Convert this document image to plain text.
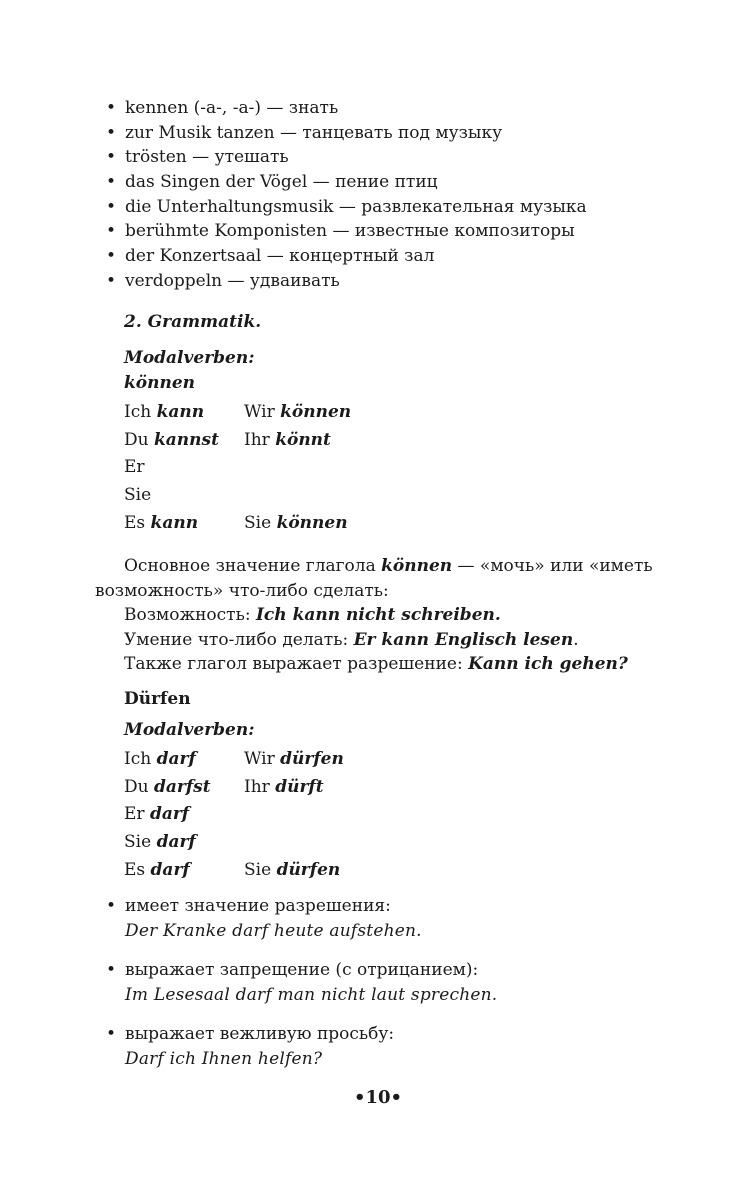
• kennen (-a-, -a-) — знать
• zur Musik tanzen — танцевать под музыку
• trösten — утешать
• das Singen der Vögel — пение птиц
• die Unterhaltungsmusik — развлекательная музыка
• berühmte Komponisten — известные композиторы
• der Konzertsaal — концертный зал
• verdoppeln — удваивать
2. Grammatik.
Modalverben:
können
Ich kann Wir können
Du kannst Ihr könnt
Er
Sie
Es kann	Sie können
Основное значение глагола können — «мочь» или «иметь
возможность» что-либо сделать:
Возможность: Ich kann nicht schreiben.
Умение что-либо делать: Er kann Englisch lesen.
Также глагол выражает разрешение: Kann ich gehen?
Dürfen
Modalverben:
Ich darf	Wir dürfen
Du darfst Ihr dürft
Er darf
Sie darf
Es darf	Sie dürfen
• имеет значение разрешения:
Der Kranke darf heute aufstehen.
• выражает запрещение (с отрицанием):
Im Lesesaal darf man nicht laut sprechen.
• выражает вежливую просьбу:
Darf ich Ihnen helfen?
•10•
